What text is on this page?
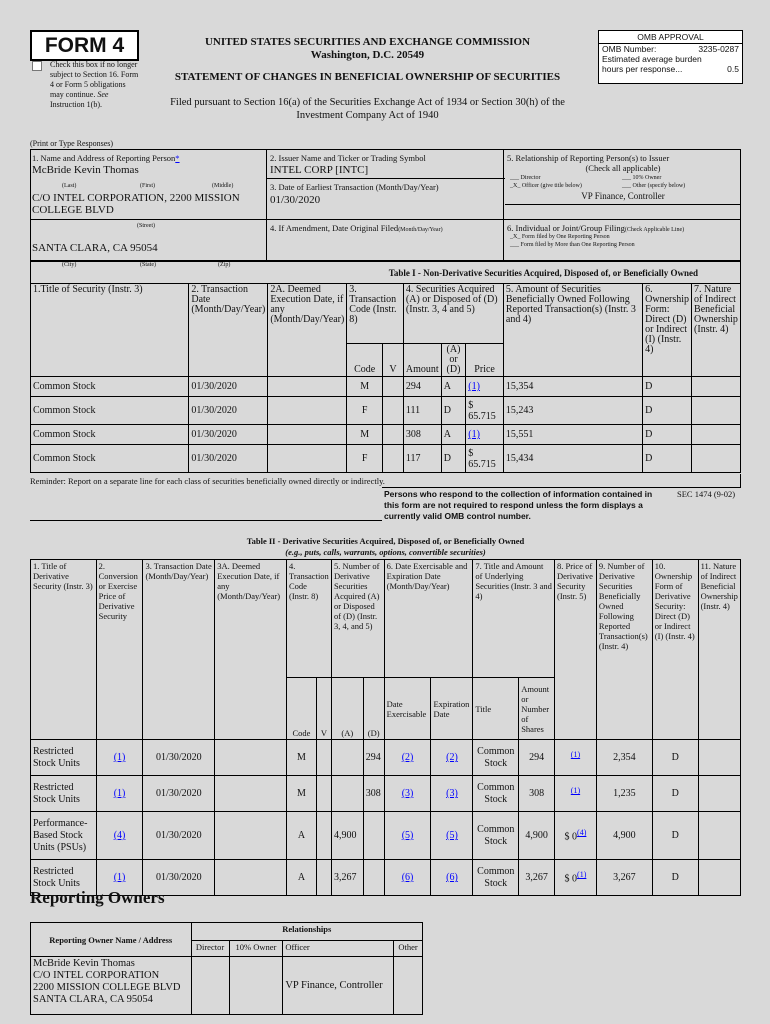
FORM 4
Check this box if no longer subject to Section 16. Form 4 or Form 5 obligations may continue. See Instruction 1(b).
UNITED STATES SECURITIES AND EXCHANGE COMMISSION
Washington, D.C. 20549
STATEMENT OF CHANGES IN BENEFICIAL OWNERSHIP OF SECURITIES
Filed pursuant to Section 16(a) of the Securities Exchange Act of 1934 or Section 30(h) of the Investment Company Act of 1940
OMB APPROVAL
3235-0287
OMB Number:
Estimated average burden
0.5
hours per response...
(Print or Type Responses)
1. Name and Address of Reporting Person*
McBride Kevin Thomas
(Last)	(First)	(Middle)
C/O INTEL CORPORATION, 2200 MISSION COLLEGE BLVD
(Street)
SANTA CLARA, CA 95054
(City)	(State)	(Zip)
2. Issuer Name and Ticker or Trading Symbol
INTEL CORP [INTC]
3. Date of Earliest Transaction (Month/Day/Year)
01/30/2020
4. If Amendment, Date Original Filed(Month/Day/Year)
5. Relationship of Reporting Person(s) to Issuer
(Check all applicable)
___ Director	___ 10% Owner
_X_ Officer (give title below)	___ Other (specify below)
VP Finance, Controller
6. Individual or Joint/Group Filing(Check Applicable Line)
_X_ Form filed by One Reporting Person
___ Form filed by More than One Reporting Person
			Table I - Non-Derivative Securities Acquired, Disposed of, or Beneficially Owned							
1.Title of Security (Instr. 3)	2. Transaction Date (Month/Day/Year)	2A. Deemed Execution Date, if any (Month/Day/Year)	3. Transaction Code (Instr. 8)		4. Securities Acquired (A) or Disposed of (D) (Instr. 3, 4 and 5)			5. Amount of Securities Beneficially Owned Following Reported Transaction(s) (Instr. 3 and 4)	6. Ownership Form: Direct (D) or Indirect (I) (Instr. 4)	7. Nature of Indirect Beneficial Ownership (Instr. 4)
			Code	V	Amount	(A) or (D)	Price			
Common Stock	01/30/2020		M		294	A	(1)	15,354	D	
Common Stock	01/30/2020		F		111	D	$ 65.715	15,243	D	
Common Stock	01/30/2020		M		308	A	(1)	15,551	D	
Common Stock	01/30/2020		F		117	D	$ 65.715	15,434	D	
Reminder: Report on a separate line for each class of securities beneficially owned directly or indirectly.
Persons who respond to the collection of information contained in this form are not required to respond unless the form displays a currently valid OMB control number.
SEC 1474 (9-02)
Table II - Derivative Securities Acquired, Disposed of, or Beneficially Owned
(e.g., puts, calls, warrants, options, convertible securities)
1. Title of Derivative Security (Instr. 3)	2. Conversion or Exercise Price of Derivative Security	3. Transaction Date (Month/Day/Year)	3A. Deemed Execution Date, if any (Month/Day/Year)	4. Transaction Code (Instr. 8)		5. Number of Derivative Securities Acquired (A) or Disposed of (D) (Instr. 3, 4, and 5)		6. Date Exercisable and Expiration Date (Month/Day/Year)		7. Title and Amount of Underlying Securities (Instr. 3 and 4)		8. Price of Derivative Security (Instr. 5)	9. Number of Derivative Securities Beneficially Owned Following Reported Transaction(s) (Instr. 4)	10. Ownership Form of Derivative Security: Direct (D) or Indirect (I) (Instr. 4)	11. Nature of Indirect Beneficial Ownership (Instr. 4)
				Code	V	(A)	(D)	Date Exercisable	Expiration Date	Title	Amount or Number of Shares				
Restricted Stock Units	(1)	01/30/2020		M			294	(2)	(2)	Common Stock	294	$^{(1)}$	2,354	D	
Restricted Stock Units	(1)	01/30/2020		M			308	(3)	(3)	Common Stock	308	$^{(1)}$	1,235	D	
Performance-Based Stock Units (PSUs)	(4)	01/30/2020		A		4,900		(5)	(5)	Common Stock	4,900	$ 0$^{(4)}$	4,900	D	
Restricted Stock Units	(1)	01/30/2020		A		3,267		(6)	(6)	Common Stock	3,267	$ 0$^{(1)}$	3,267	D	
Reporting Owners
Reporting Owner Name / Address	Relationships			
	Director	10% Owner	Officer	Other

McBride Kevin Thomas
C/O INTEL CORPORATION
2200 MISSION COLLEGE BLVD
SANTA CLARA, CA 95054			VP Finance, Controller	
